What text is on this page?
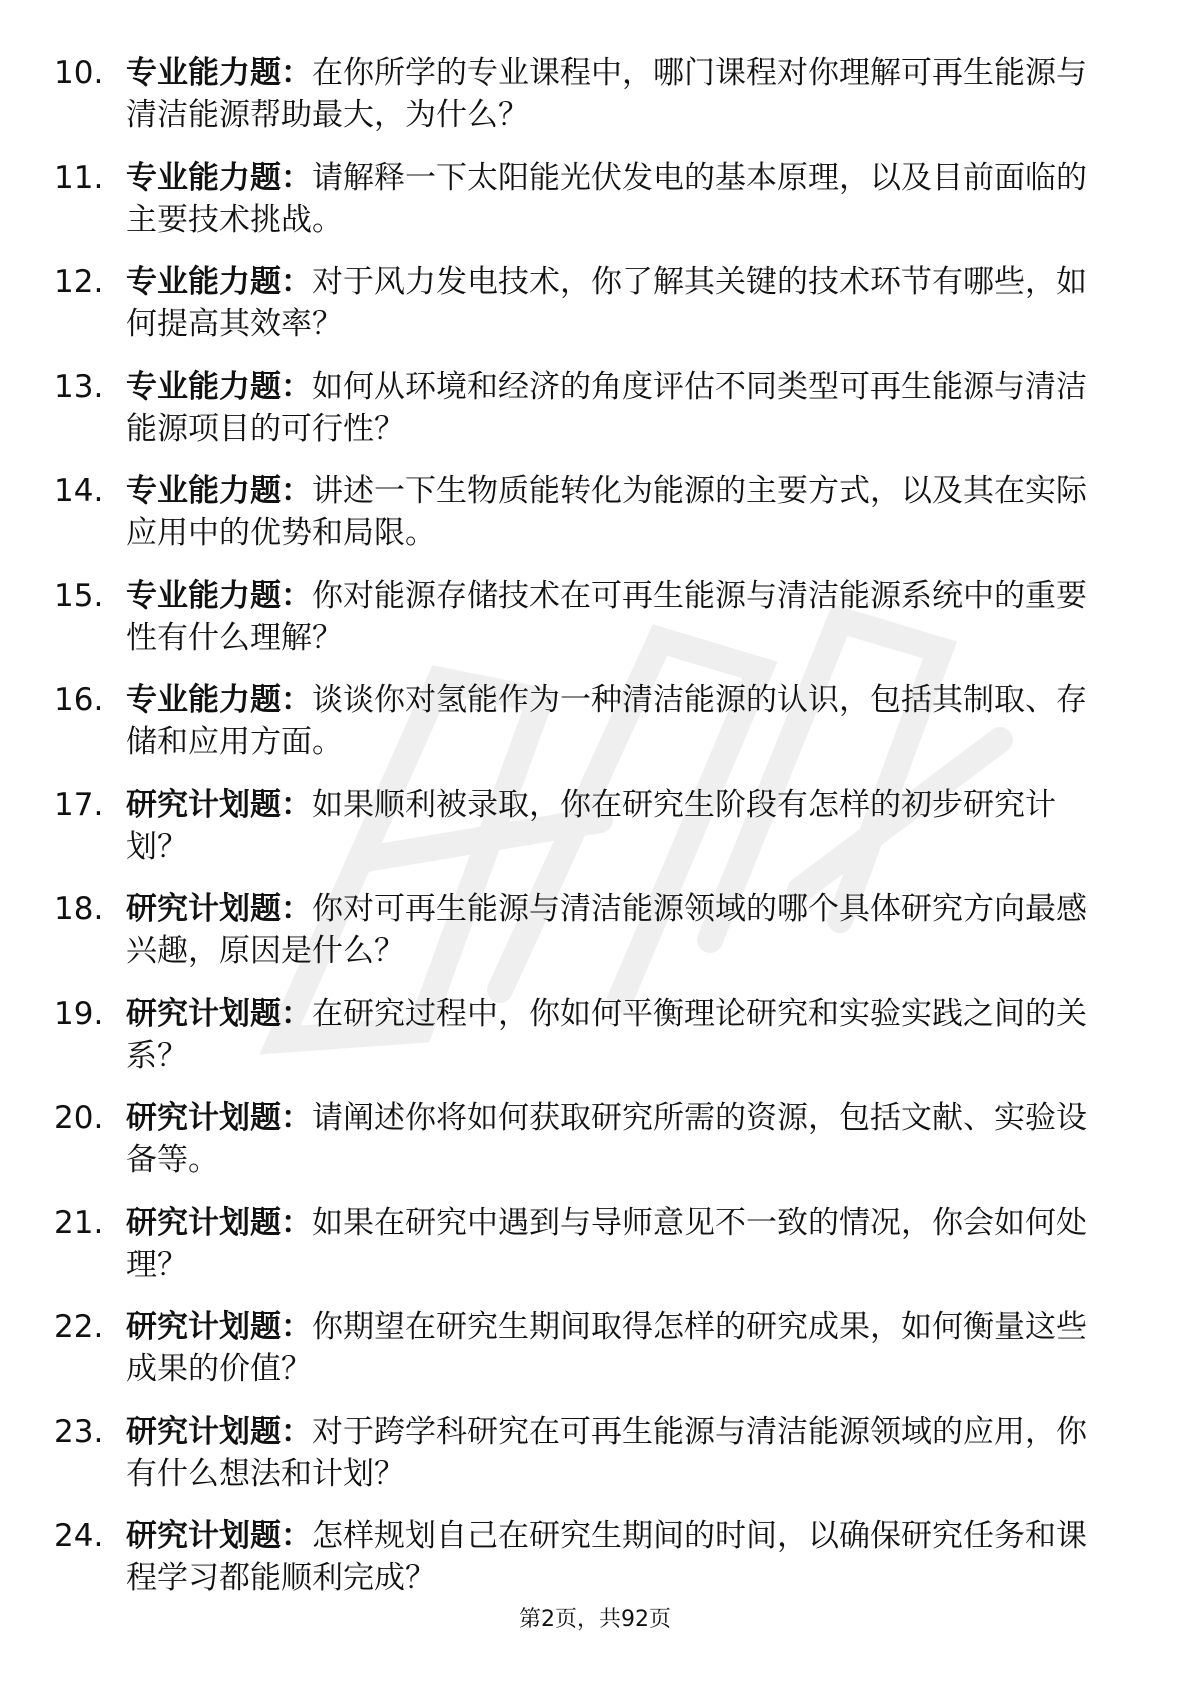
10. 专业能力题：在你所学的专业课程中，哪门课程对你理解可再生能源与清洁能源帮助最大，为什么？
11. 专业能力题：请解释一下太阳能光伏发电的基本原理，以及目前面临的主要技术挑战。
12. 专业能力题：对于风力发电技术，你了解其关键的技术环节有哪些，如何提高其效率？
13. 专业能力题：如何从环境和经济的角度评估不同类型可再生能源与清洁能源项目的可行性？
14. 专业能力题：讲述一下生物质能转化为能源的主要方式，以及其在实际应用中的优势和局限。
15. 专业能力题：你对能源存储技术在可再生能源与清洁能源系统中的重要性有什么理解？
16. 专业能力题：谈谈你对氢能作为一种清洁能源的认识，包括其制取、存储和应用方面。
17. 研究计划题：如果顺利被录取，你在研究生阶段有怎样的初步研究计划？
18. 研究计划题：你对可再生能源与清洁能源领域的哪个具体研究方向最感兴趣，原因是什么？
19. 研究计划题：在研究过程中，你如何平衡理论研究和实验实践之间的关系？
20. 研究计划题：请阐述你将如何获取研究所需的资源，包括文献、实验设备等。
21. 研究计划题：如果在研究中遇到与导师意见不一致的情况，你会如何处理？
22. 研究计划题：你期望在研究生期间取得怎样的研究成果，如何衡量这些成果的价值？
23. 研究计划题：对于跨学科研究在可再生能源与清洁能源领域的应用，你有什么想法和计划？
24. 研究计划题：怎样规划自己在研究生期间的时间，以确保研究任务和课程学习都能顺利完成？
第2页，共92页
